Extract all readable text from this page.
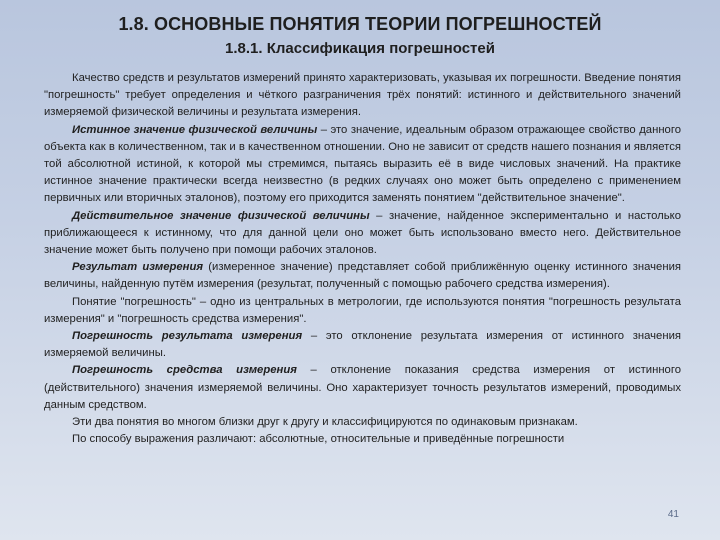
1.8. ОСНОВНЫЕ ПОНЯТИЯ ТЕОРИИ ПОГРЕШНОСТЕЙ
1.8.1. Классификация погрешностей

Качество средств и результатов измерений принято характеризовать, указывая их погрешности. Введение понятия "погрешность" требует определения и чёткого разграничения трёх понятий: истинного и действительного значений измеряемой физической величины и результата измерения.

Истинное значение физической величины – это значение, идеальным образом отражающее свойство данного объекта как в количественном, так и в качественном отношении. Оно не зависит от средств нашего познания и является той абсолютной истиной, к которой мы стремимся, пытаясь выразить её в виде числовых значений. На практике истинное значение практически всегда неизвестно (в редких случаях оно может быть определено с применением первичных или вторичных эталонов), поэтому его приходится заменять понятием "действительное значение".

Действительное значение физической величины – значение, найденное экспериментально и настолько приближающееся к истинному, что для данной цели оно может быть использовано вместо него. Действительное значение может быть получено при помощи рабочих эталонов.

Результат измерения (измеренное значение) представляет собой приближённую оценку истинного значения величины, найденную путём измерения (результат, полученный с помощью рабочего средства измерения).

Понятие "погрешность" – одно из центральных в метрологии, где используются понятия "погрешность результата измерения" и "погрешность средства измерения".

Погрешность результата измерения – это отклонение результата измерения от истинного значения измеряемой величины.

Погрешность средства измерения – отклонение показания средства измерения от истинного (действительного) значения измеряемой величины. Оно характеризует точность результатов измерений, проводимых данным средством.

Эти два понятия во многом близки друг к другу и классифицируются по одинаковым признакам.

По способу выражения различают: абсолютные, относительные и приведённые погрешности

41
